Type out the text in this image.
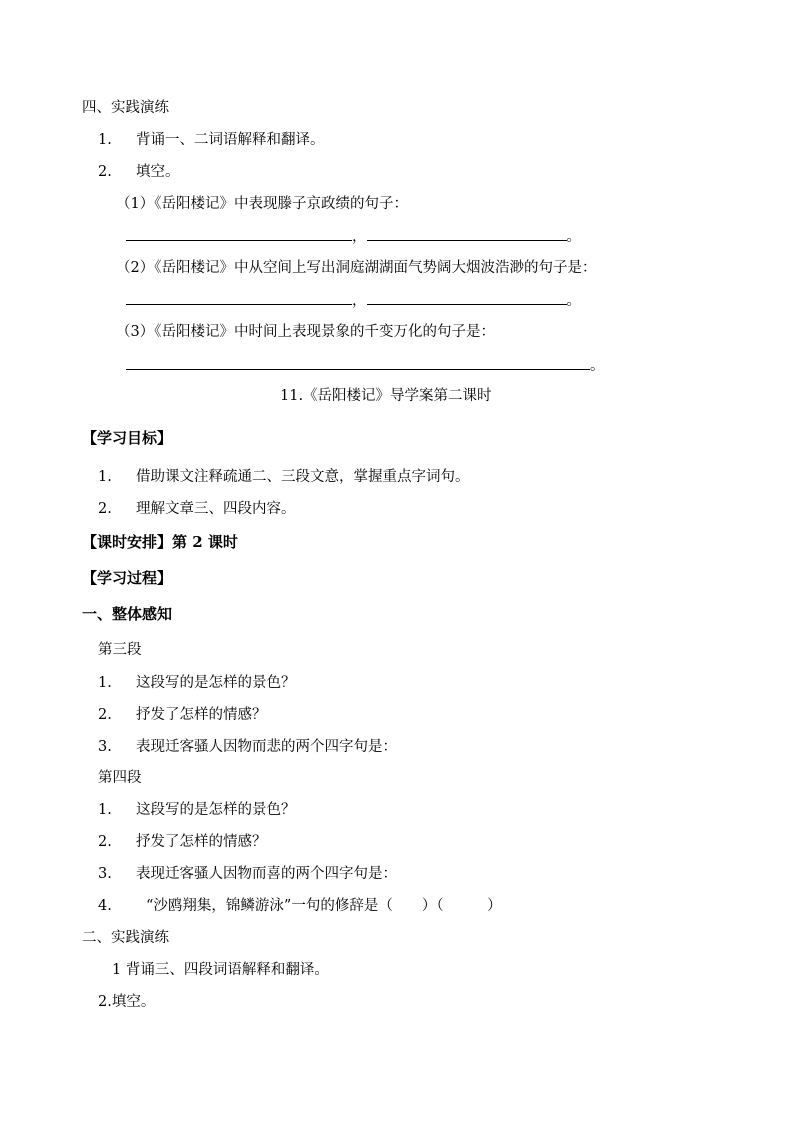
四、实践演练
1. 背诵一、二词语解释和翻译。
2. 填空。
（1）《岳阳楼记》中表现滕子京政绩的句子：
，	。
（2）《岳阳楼记》中从空间上写出洞庭湖湖面气势阔大烟波浩渺的句子是：
，	。
（3）《岳阳楼记》中时间上表现景象的千变万化的句子是：
。
11.《岳阳楼记》导学案第二课时
【学习目标】
1. 借助课文注释疏通二、三段文意，掌握重点字词句。
2. 理解文章三、四段内容。
【课时安排】第 2 课时
【学习过程】
一、整体感知
第三段
1. 这段写的是怎样的景色？
2. 抒发了怎样的情感？
3. 表现迁客骚人因物而悲的两个四字句是：
第四段
1. 这段写的是怎样的景色？
2. 抒发了怎样的情感？
3. 表现迁客骚人因物而喜的两个四字句是：
4. “沙鸥翔集，锦鳞游泳”一句的修辞是（　　）（　　　）
二、实践演练
1 背诵三、四段词语解释和翻译。
2.填空。
